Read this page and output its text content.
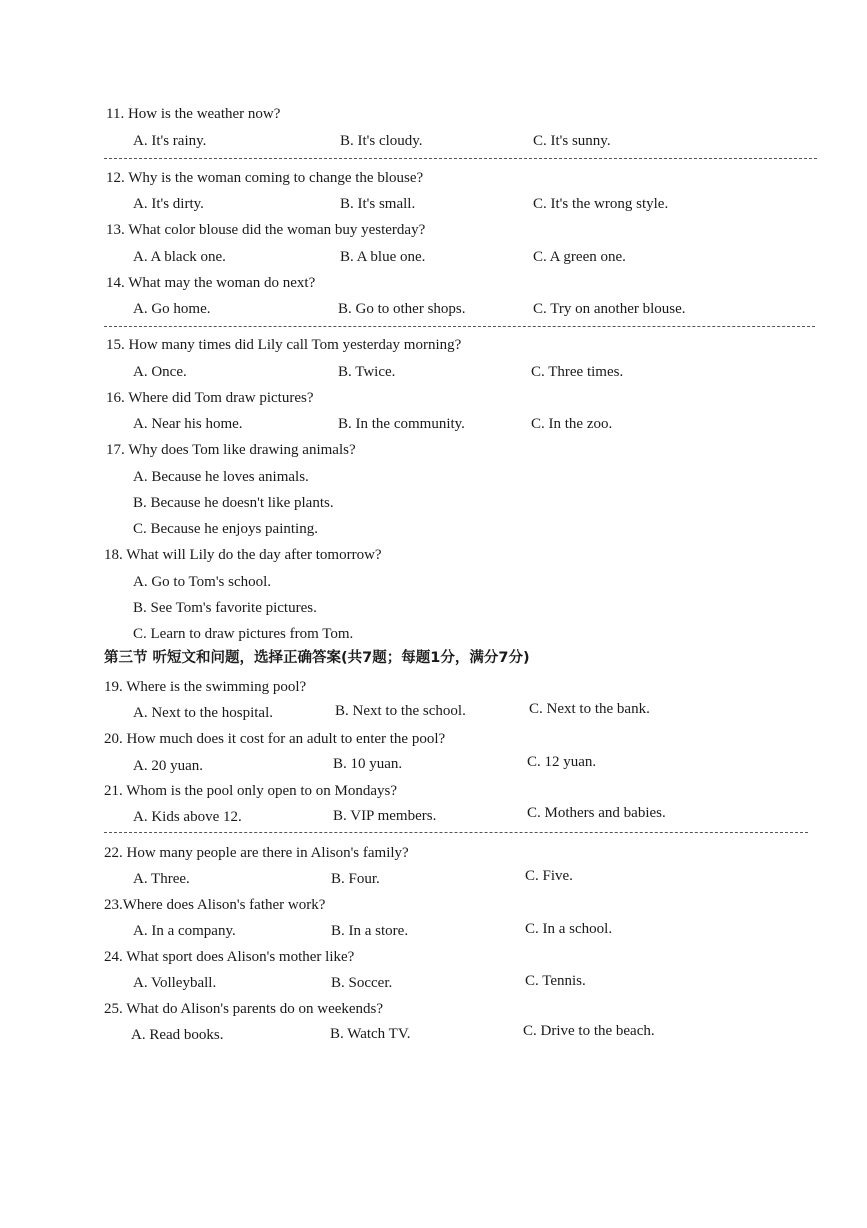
11. How is the weather now?
A. It's rainy.	B. It's cloudy.	C. It's sunny.
12. Why is the woman coming to change the blouse?
A. It's dirty.	B. It's small.	C. It's the wrong style.
13. What color blouse did the woman buy yesterday?
A. A black one.	B. A blue one.	C. A green one.
14. What may the woman do next?
A. Go home.	B. Go to other shops.	C. Try on another blouse.
15. How many times did Lily call Tom yesterday morning?
A. Once.	B. Twice.	C. Three times.
16. Where did Tom draw pictures?
A. Near his home.	B. In the community.	C. In the zoo.
17. Why does Tom like drawing animals?
A. Because he loves animals.
B. Because he doesn't like plants.
C. Because he enjoys painting.
18. What will Lily do the day after tomorrow?
A. Go to Tom's school.
B. See Tom's favorite pictures.
C. Learn to draw pictures from Tom.
第三节 听短文和问题，选择正确答案(共7题；每题1分，满分7分)
19. Where is the swimming pool?
A. Next to the hospital.	B. Next to the school.	C. Next to the bank.
20. How much does it cost for an adult to enter the pool?
A. 20 yuan.	B. 10 yuan.	C. 12 yuan.
21. Whom is the pool only open to on Mondays?
A. Kids above 12.	B. VIP members.	C. Mothers and babies.
22. How many people are there in Alison's family?
A. Three.	B. Four.	C. Five.
23.Where does Alison's father work?
A. In a company.	B. In a store.	C. In a school.
24. What sport does Alison's mother like?
A. Volleyball.	B. Soccer.	C. Tennis.
25. What do Alison's parents do on weekends?
A. Read books.	B. Watch TV.	C. Drive to the beach.
